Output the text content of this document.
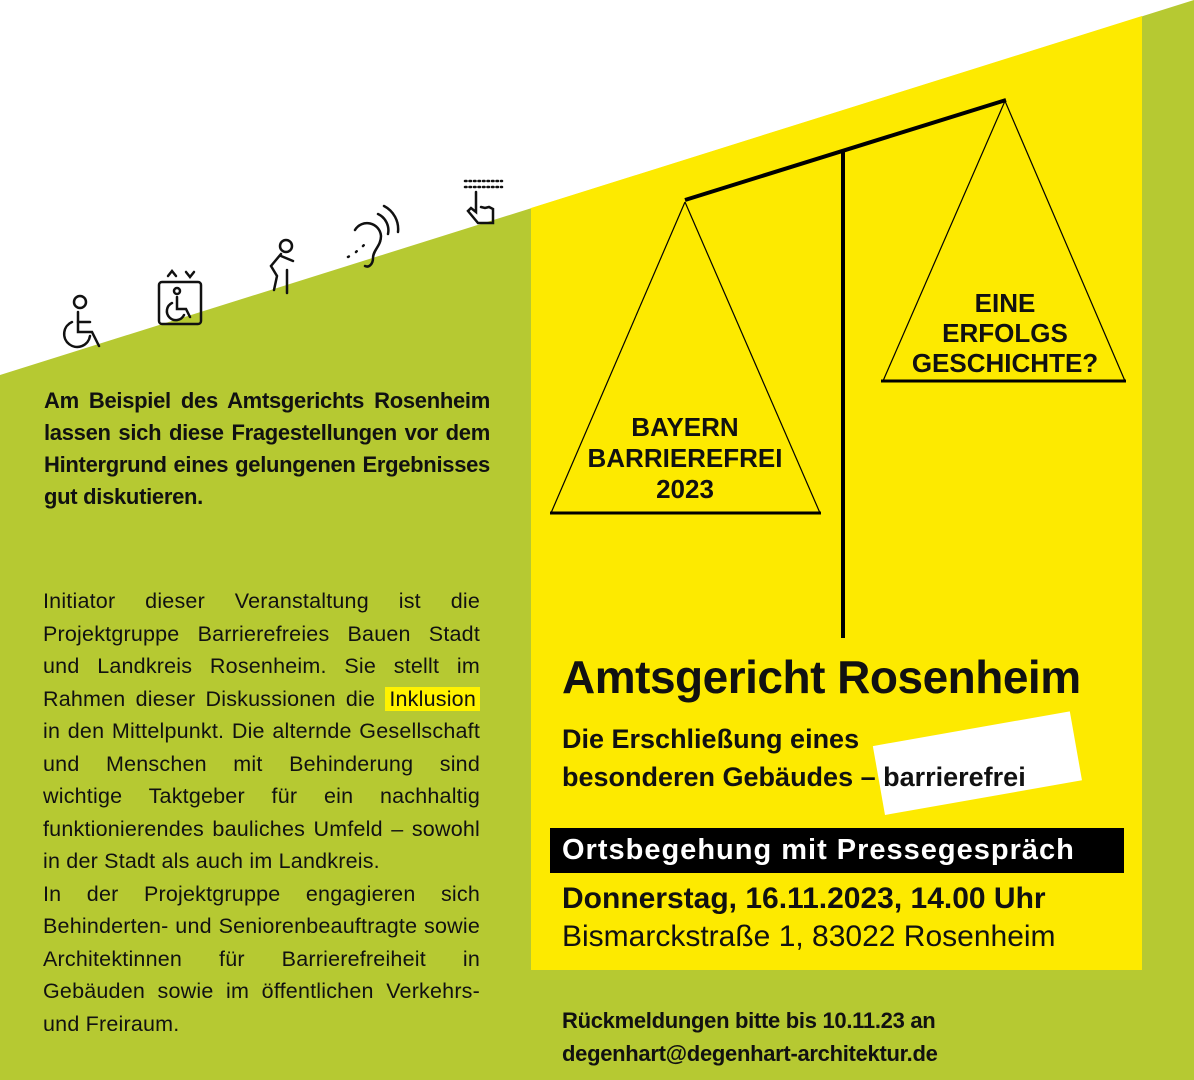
Am Beispiel des Amtsgerichts Rosenheim lassen sich diese Fragestellungen vor dem Hintergrund eines gelungenen Ergebnisses gut diskutieren.
Initiator dieser Veranstaltung ist die Projektgruppe Barrierefreies Bauen Stadt und Landkreis Rosenheim. Sie stellt im Rahmen dieser Diskussionen die Inklusion in den Mittelpunkt. Die alternde Gesellschaft und Menschen mit Behinderung sind wichtige Taktgeber für ein nachhaltig funktionierendes bauliches Umfeld – sowohl in der Stadt als auch im Landkreis.
In der Projektgruppe engagieren sich Behinderten- und Seniorenbeauftragte sowie Architektinnen für Barrierefreiheit in Gebäuden sowie im öffentlichen Verkehrs- und Freiraum.
BAYERN
BARRIEREFREI
2023
EINE
ERFOLGS
GESCHICHTE?
Amtsgericht Rosenheim
Die Erschließung eines
besonderen Gebäudes – barrierefrei
Ortsbegehung mit Pressegespräch
Donnerstag, 16.11.2023, 14.00 Uhr
Bismarckstraße 1, 83022 Rosenheim
Rückmeldungen bitte bis 10.11.23 an
degenhart@degenhart-architektur.de
